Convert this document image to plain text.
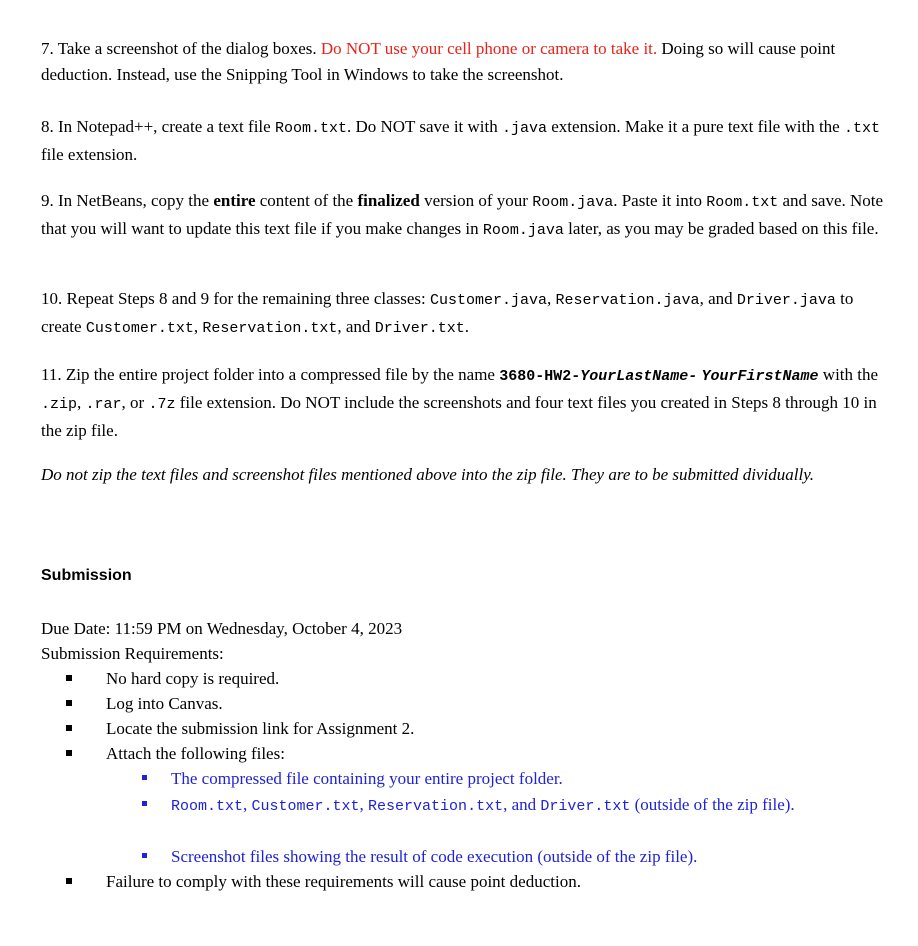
7. Take a screenshot of the dialog boxes. Do NOT use your cell phone or camera to take it. Doing so will cause point deduction. Instead, use the Snipping Tool in Windows to take the screenshot.
8. In Notepad++, create a text file Room.txt. Do NOT save it with .java extension. Make it a pure text file with the .txt file extension.
9. In NetBeans, copy the entire content of the finalized version of your Room.java. Paste it into Room.txt and save. Note that you will want to update this text file if you make changes in Room.java later, as you may be graded based on this file.
10. Repeat Steps 8 and 9 for the remaining three classes: Customer.java, Reservation.java, and Driver.java to create Customer.txt, Reservation.txt, and Driver.txt.
11. Zip the entire project folder into a compressed file by the name 3680-HW2-YourLastName- YourFirstName with the .zip, .rar, or .7z file extension. Do NOT include the screenshots and four text files you created in Steps 8 through 10 in the zip file.
Do not zip the text files and screenshot files mentioned above into the zip file. They are to be submitted dividually.
Submission
Due Date: 11:59 PM on Wednesday, October 4, 2023
Submission Requirements:
No hard copy is required.
Log into Canvas.
Locate the submission link for Assignment 2.
Attach the following files:
The compressed file containing your entire project folder.
Room.txt, Customer.txt, Reservation.txt, and Driver.txt (outside of the zip file).
Screenshot files showing the result of code execution (outside of the zip file).
Failure to comply with these requirements will cause point deduction.
